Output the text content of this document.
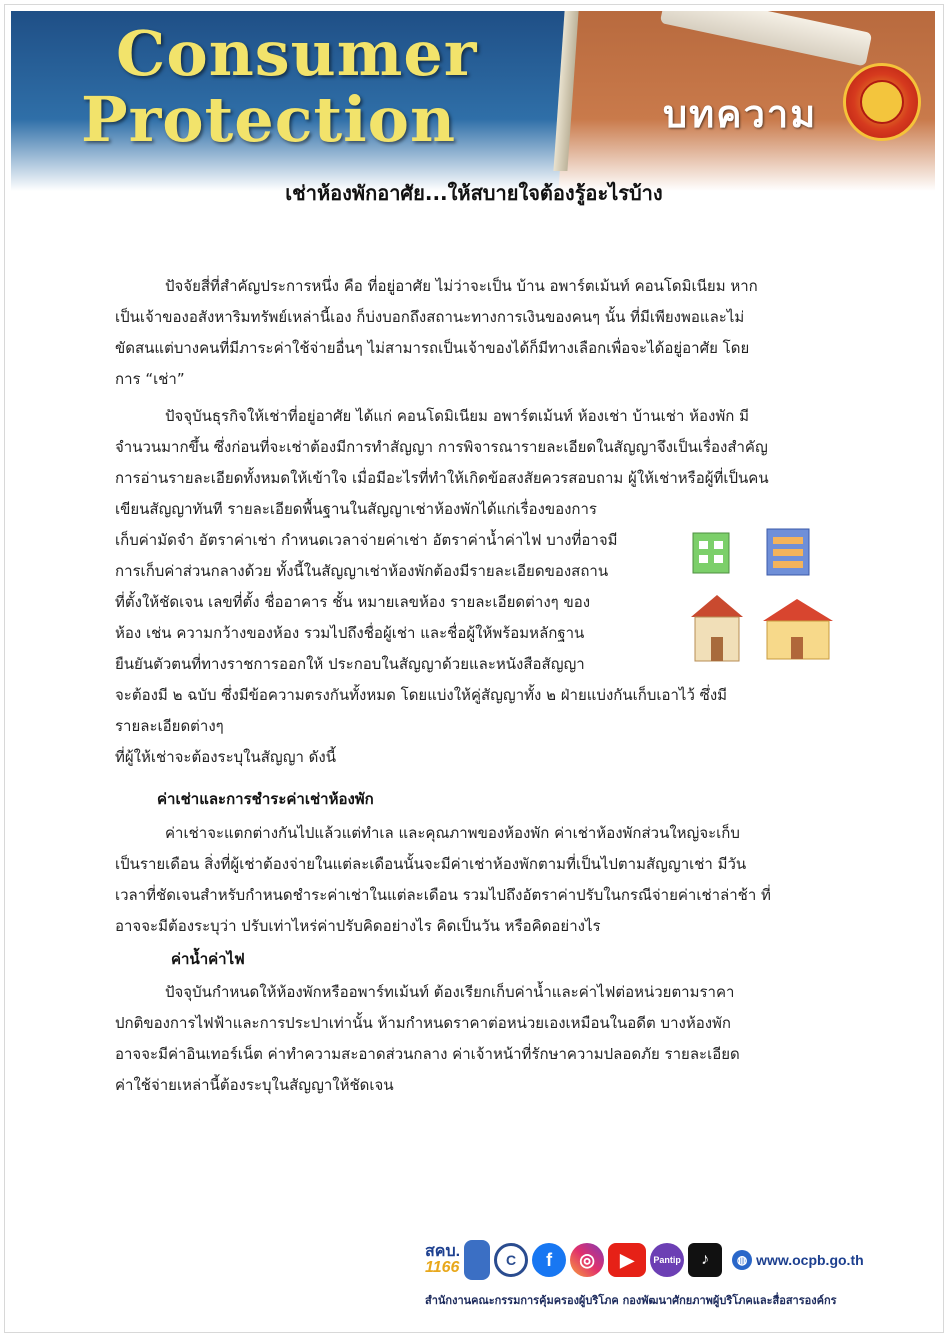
Consumer
Protection	บทความ
เช่าห้องพักอาศัย...ให้สบายใจต้องรู้อะไรบ้าง

ปัจจัยสี่ที่สำคัญประการหนึ่ง คือ ที่อยู่อาศัย ไม่ว่าจะเป็น บ้าน อพาร์ตเม้นท์ คอนโดมิเนียม หาก

เป็นเจ้าของอสังหาริมทรัพย์เหล่านี้เอง ก็บ่งบอกถึงสถานะทางการเงินของคนๆ นั้น ที่มีเพียงพอและไม่

ขัดสนแต่บางคนที่มีภาระค่าใช้จ่ายอื่นๆ ไม่สามารถเป็นเจ้าของได้ก็มีทางเลือกเพื่อจะได้อยู่อาศัย โดย

การ “เช่า”

ปัจจุบันธุรกิจให้เช่าที่อยู่อาศัย ได้แก่ คอนโดมิเนียม อพาร์ตเม้นท์ ห้องเช่า บ้านเช่า ห้องพัก มี

จำนวนมากขึ้น ซึ่งก่อนที่จะเช่าต้องมีการทำสัญญา การพิจารณารายละเอียดในสัญญาจึงเป็นเรื่องสำคัญ

การอ่านรายละเอียดทั้งหมดให้เข้าใจ เมื่อมีอะไรที่ทำให้เกิดข้อสงสัยควรสอบถาม ผู้ให้เช่าหรือผู้ที่เป็นคน

เขียนสัญญาทันที รายละเอียดพื้นฐานในสัญญาเช่าห้องพักได้แก่เรื่องของการ

เก็บค่ามัดจำ อัตราค่าเช่า กำหนดเวลาจ่ายค่าเช่า อัตราค่าน้ำค่าไฟ บางที่อาจมี

การเก็บค่าส่วนกลางด้วย ทั้งนี้ในสัญญาเช่าห้องพักต้องมีรายละเอียดของสถาน

ที่ตั้งให้ชัดเจน เลขที่ตั้ง ชื่ออาคาร ชั้น หมายเลขห้อง รายละเอียดต่างๆ ของ

ห้อง เช่น ความกว้างของห้อง รวมไปถึงชื่อผู้เช่า และชื่อผู้ให้พร้อมหลักฐาน

ยืนยันตัวตนที่ทางราชการออกให้ ประกอบในสัญญาด้วยและหนังสือสัญญา

จะต้องมี ๒ ฉบับ ซึ่งมีข้อความตรงกันทั้งหมด โดยแบ่งให้คู่สัญญาทั้ง ๒ ฝ่ายแบ่งกันเก็บเอาไว้ ซึ่งมี

รายละเอียดต่างๆ

ที่ผู้ให้เช่าจะต้องระบุในสัญญา ดังนี้

ค่าเช่าและการชำระค่าเช่าห้องพัก

ค่าเช่าจะแตกต่างกันไปแล้วแต่ทำเล และคุณภาพของห้องพัก ค่าเช่าห้องพักส่วนใหญ่จะเก็บ

เป็นรายเดือน สิ่งที่ผู้เช่าต้องจ่ายในแต่ละเดือนนั้นจะมีค่าเช่าห้องพักตามที่เป็นไปตามสัญญาเช่า มีวัน

เวลาที่ชัดเจนสำหรับกำหนดชำระค่าเช่าในแต่ละเดือน รวมไปถึงอัตราค่าปรับในกรณีจ่ายค่าเช่าล่าช้า ที่

อาจจะมีต้องระบุว่า ปรับเท่าไหร่ค่าปรับคิดอย่างไร คิดเป็นวัน หรือคิดอย่างไร

ค่าน้ำค่าไฟ

ปัจจุบันกำหนดให้ห้องพักหรืออพาร์ทเม้นท์ ต้องเรียกเก็บค่าน้ำและค่าไฟต่อหน่วยตามราคา

ปกติของการไฟฟ้าและการประปาเท่านั้น ห้ามกำหนดราคาต่อหน่วยเองเหมือนในอดีต บางห้องพัก

อาจจะมีค่าอินเทอร์เน็ต ค่าทำความสะอาดส่วนกลาง ค่าเจ้าหน้าที่รักษาความปลอดภัย รายละเอียด

ค่าใช้จ่ายเหล่านี้ต้องระบุในสัญญาให้ชัดเจน

สคบ.
1166	C	f	◎	▶	Pantip	♪	◍ www.ocpb.go.th
สำนักงานคณะกรรมการคุ้มครองผู้บริโภค กองพัฒนาศักยภาพผู้บริโภคและสื่อสารองค์กร
